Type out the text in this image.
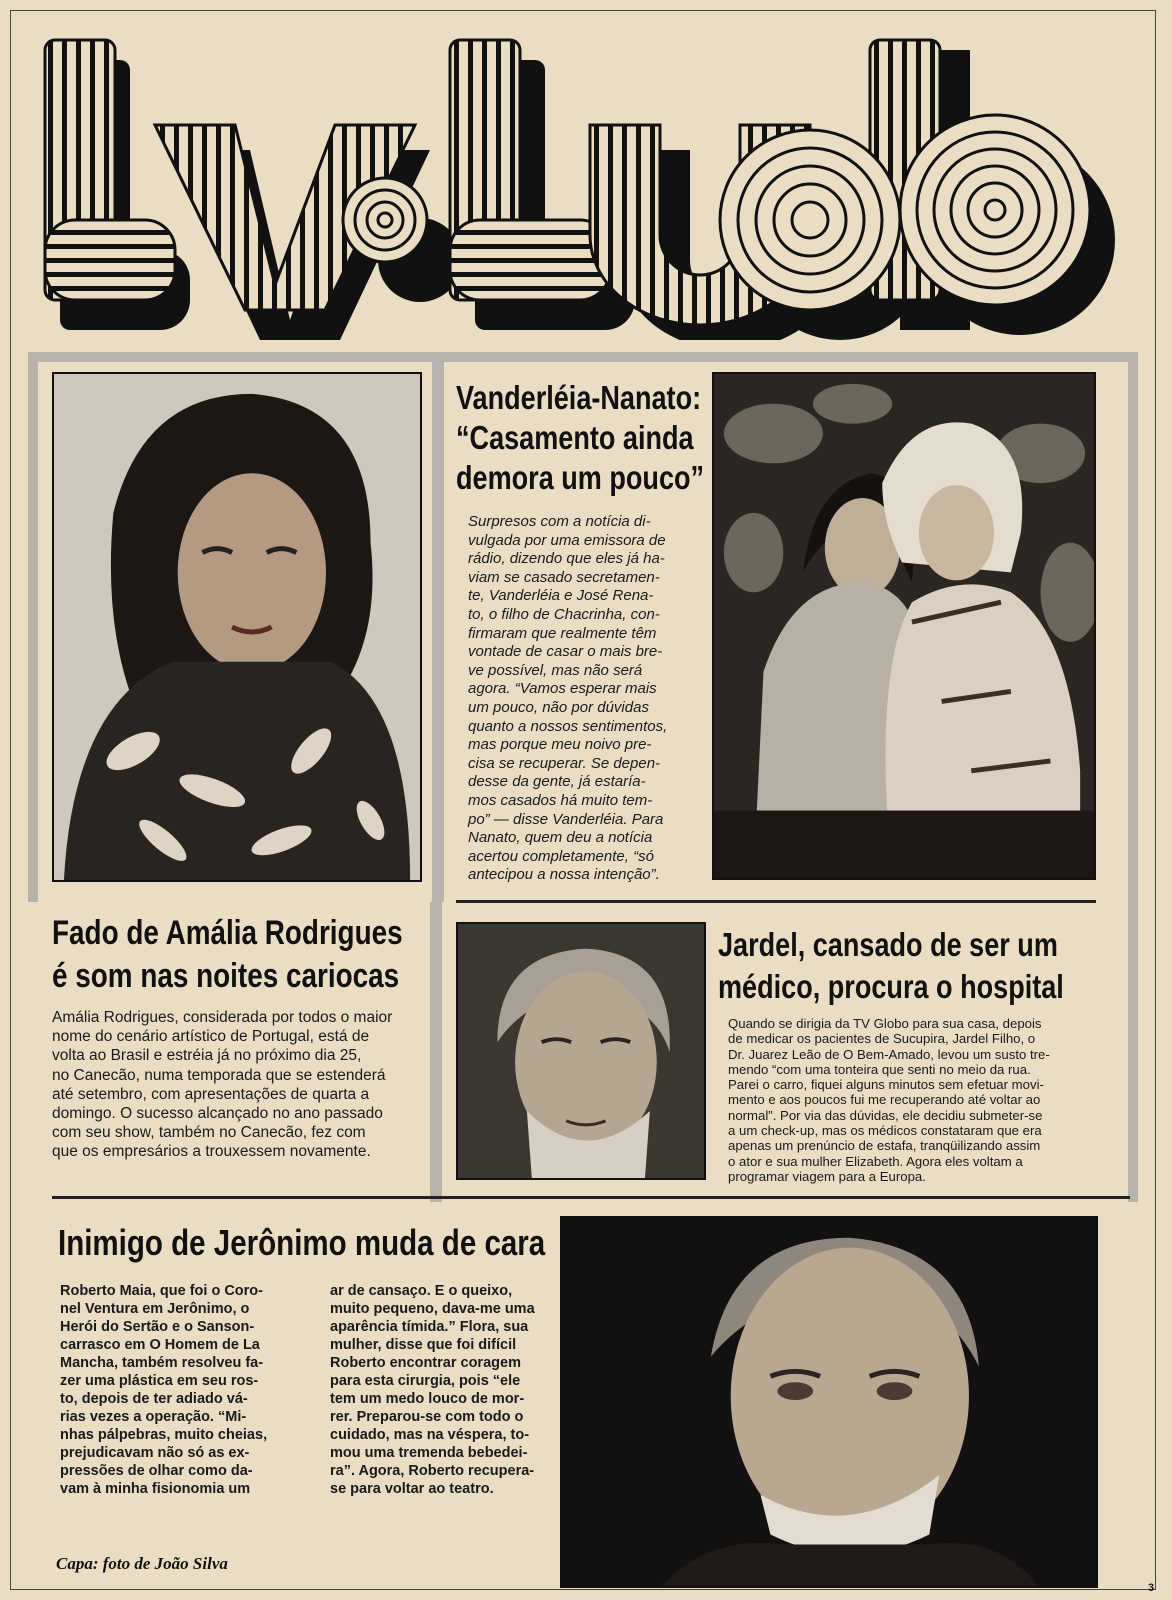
Vanderléia-Nanato:
“Casamento ainda
demora um pouco”
Surpresos com a notícia di-
vulgada por uma emissora de
rádio, dizendo que eles já ha-
viam se casado secretamen-
te, Vanderléia e José Rena-
to, o filho de Chacrinha, con-
firmaram que realmente têm
vontade de casar o mais bre-
ve possível, mas não será
agora. “Vamos esperar mais
um pouco, não por dúvidas
quanto a nossos sentimentos,
mas porque meu noivo pre-
cisa se recuperar. Se depen-
desse da gente, já estaría-
mos casados há muito tem-
po” — disse Vanderléia. Para
Nanato, quem deu a notícia
acertou completamente, “só
antecipou a nossa intenção”.
Fado de Amália Rodrigues
é som nas noites cariocas
Amália Rodrigues, considerada por todos o maior
nome do cenário artístico de Portugal, está de
volta ao Brasil e estréia já no próximo dia 25,
no Canecão, numa temporada que se estenderá
até setembro, com apresentações de quarta a
domingo. O sucesso alcançado no ano passado
com seu show, também no Canecão, fez com
que os empresários a trouxessem novamente.
Jardel, cansado de ser um
médico, procura o hospital
Quando se dirigia da TV Globo para sua casa, depois
de medicar os pacientes de Sucupira, Jardel Filho, o
Dr. Juarez Leão de O Bem-Amado, levou um susto tre-
mendo “com uma tonteira que senti no meio da rua.
Parei o carro, fiquei alguns minutos sem efetuar movi-
mento e aos poucos fui me recuperando até voltar ao
normal”. Por via das dúvidas, ele decidiu submeter-se
a um check-up, mas os médicos constataram que era
apenas um prenúncio de estafa, tranqüilizando assim
o ator e sua mulher Elizabeth. Agora eles voltam a
programar viagem para a Europa.
Inimigo de Jerônimo muda de cara
Roberto Maia, que foi o Coro-
nel Ventura em Jerônimo, o
Herói do Sertão e o Sanson-
carrasco em O Homem de La
Mancha, também resolveu fa-
zer uma plástica em seu ros-
to, depois de ter adiado vá-
rias vezes a operação. “Mi-
nhas pálpebras, muito cheias,
prejudicavam não só as ex-
pressões de olhar como da-
vam à minha fisionomia um
ar de cansaço. E o queixo,
muito pequeno, dava-me uma
aparência tímida.” Flora, sua
mulher, disse que foi difícil
Roberto encontrar coragem
para esta cirurgia, pois “ele
tem um medo louco de mor-
rer. Preparou-se com todo o
cuidado, mas na véspera, to-
mou uma tremenda bebedei-
ra”. Agora, Roberto recupera-
se para voltar ao teatro.
Capa: foto de João Silva
3
